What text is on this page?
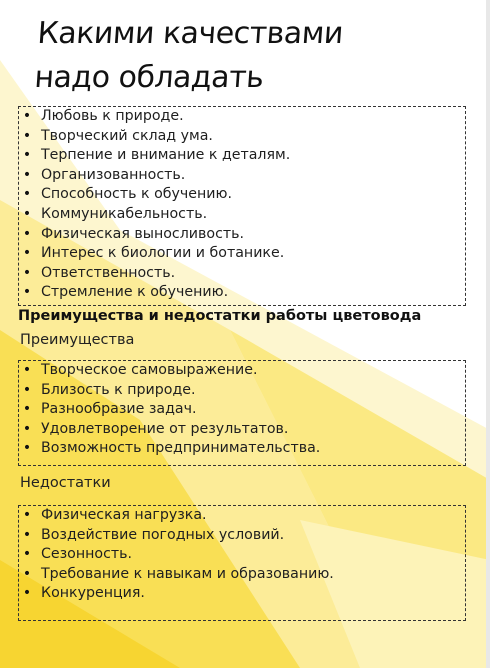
Какими качествами
надо обладать
• Любовь к природе.
• Творческий склад ума.
• Терпение и внимание к деталям.
• Организованность.
• Способность к обучению.
• Коммуникабельность.
• Физическая выносливость.
• Интерес к биологии и ботанике.
• Ответственность.
• Стремление к обучению.
Преимущества и недостатки работы цветовода
Преимущества
• Творческое самовыражение.
• Близость к природе.
• Разнообразие задач.
• Удовлетворение от результатов.
• Возможность предпринимательства.
Недостатки
• Физическая нагрузка.
• Воздействие погодных условий.
• Сезонность.
• Требование к навыкам и образованию.
• Конкуренция.
